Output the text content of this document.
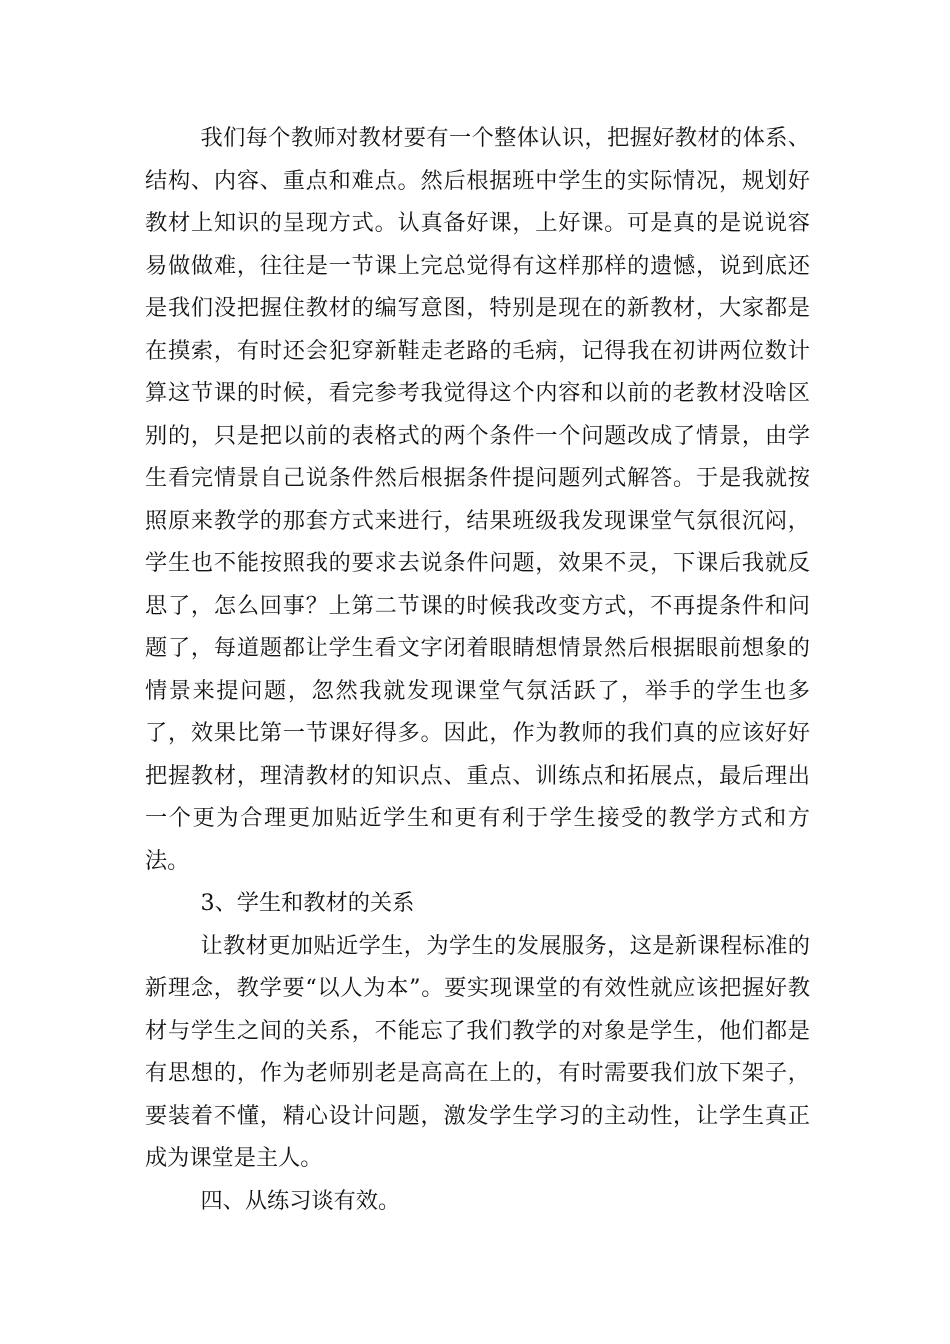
我们每个教师对教材要有一个整体认识，把握好教材的体系、结构、内容、重点和难点。然后根据班中学生的实际情况，规划好教材上知识的呈现方式。认真备好课，上好课。可是真的是说说容易做做难，往往是一节课上完总觉得有这样那样的遗憾，说到底还是我们没把握住教材的编写意图，特别是现在的新教材，大家都是在摸索，有时还会犯穿新鞋走老路的毛病，记得我在初讲两位数计算这节课的时候，看完参考我觉得这个内容和以前的老教材没啥区别的，只是把以前的表格式的两个条件一个问题改成了情景，由学生看完情景自己说条件然后根据条件提问题列式解答。于是我就按照原来教学的那套方式来进行，结果班级我发现课堂气氛很沉闷，学生也不能按照我的要求去说条件问题，效果不灵，下课后我就反思了，怎么回事？上第二节课的时候我改变方式，不再提条件和问题了，每道题都让学生看文字闭着眼睛想情景然后根据眼前想象的情景来提问题，忽然我就发现课堂气氛活跃了，举手的学生也多了，效果比第一节课好得多。因此，作为教师的我们真的应该好好把握教材，理清教材的知识点、重点、训练点和拓展点，最后理出一个更为合理更加贴近学生和更有利于学生接受的教学方式和方法。

3、学生和教材的关系

让教材更加贴近学生，为学生的发展服务，这是新课程标准的新理念，教学要“以人为本”。要实现课堂的有效性就应该把握好教材与学生之间的关系，不能忘了我们教学的对象是学生，他们都是有思想的，作为老师别老是高高在上的，有时需要我们放下架子，要装着不懂，精心设计问题，激发学生学习的主动性，让学生真正成为课堂是主人。

四、从练习谈有效。
